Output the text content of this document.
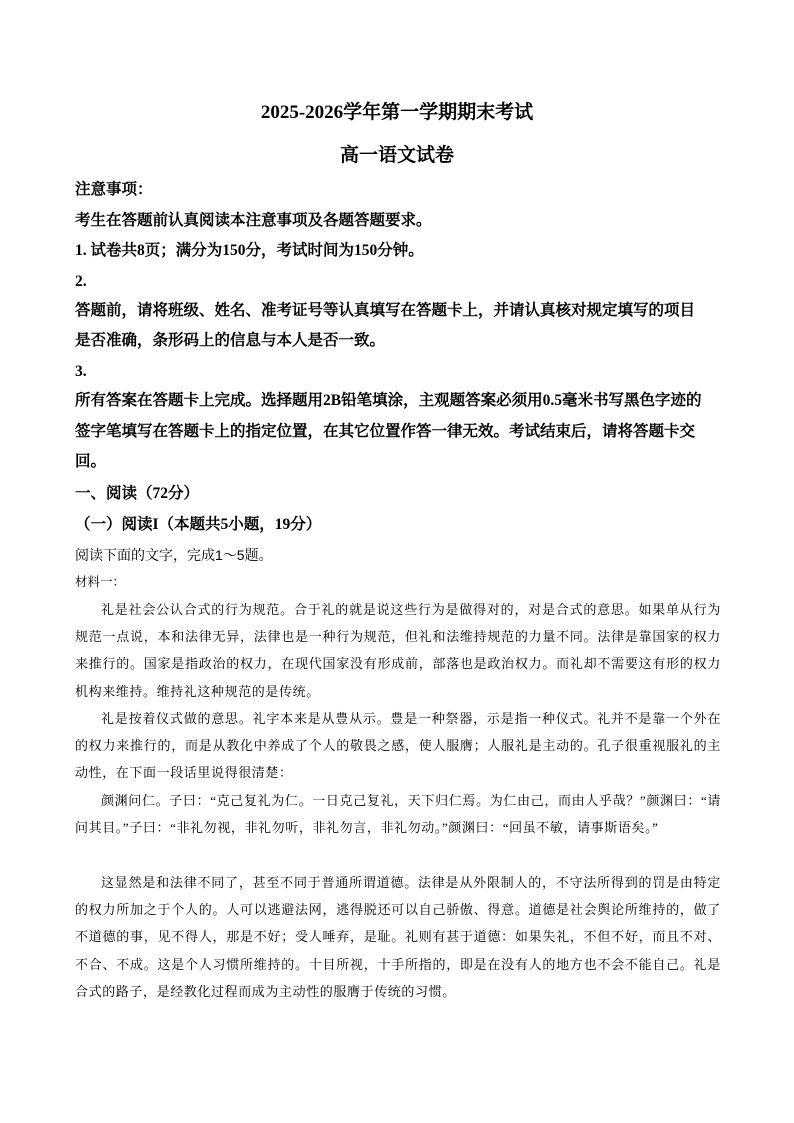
2025-2026学年第一学期期末考试
高一语文试卷
注意事项：
考生在答题前认真阅读本注意事项及各题答题要求。
1. 试卷共8页；满分为150分，考试时间为150分钟。
2.
答题前，请将班级、姓名、准考证号等认真填写在答题卡上，并请认真核对规定填写的项目
是否准确，条形码上的信息与本人是否一致。
3.
所有答案在答题卡上完成。选择题用2B铅笔填涂，主观题答案必须用0.5毫米书写黑色字迹的
签字笔填写在答题卡上的指定位置，在其它位置作答一律无效。考试结束后，请将答题卡交
回。
一、阅读（72分）
（一）阅读I（本题共5小题，19分）
阅读下面的文字，完成1～5题。
材料一：
礼是社会公认合式的行为规范。合于礼的就是说这些行为是做得对的，对是合式的意思。如果单从行为规范一点说，本和法律无异，法律也是一种行为规范，但礼和法维持规范的力量不同。法律是靠国家的权力来推行的。国家是指政治的权力，在现代国家没有形成前，部落也是政治权力。而礼却不需要这有形的权力机构来维持。维持礼这种规范的是传统。
礼是按着仪式做的意思。礼字本来是从豊从示。豊是一种祭器，示是指一种仪式。礼并不是靠一个外在的权力来推行的，而是从教化中养成了个人的敬畏之感，使人服膺；人服礼是主动的。孔子很重视服礼的主动性，在下面一段话里说得很清楚：
颜渊问仁。子曰：“克己复礼为仁。一日克己复礼，天下归仁焉。为仁由己，而由人乎哉？”颜渊曰：“请问其目。”子曰：“非礼勿视，非礼勿听，非礼勿言，非礼勿动。”颜渊曰：“回虽不敏，请事斯语矣。”
这显然是和法律不同了，甚至不同于普通所谓道德。法律是从外限制人的，不守法所得到的罚是由特定的权力所加之于个人的。人可以逃避法网，逃得脱还可以自己骄傲、得意。道德是社会舆论所维持的，做了不道德的事，见不得人，那是不好；受人唾弃，是耻。礼则有甚于道德：如果失礼，不但不好，而且不对、不合、不成。这是个人习惯所维持的。十目所视，十手所指的，即是在没有人的地方也不会不能自己。礼是合式的路子，是经教化过程而成为主动性的服膺于传统的习惯。
